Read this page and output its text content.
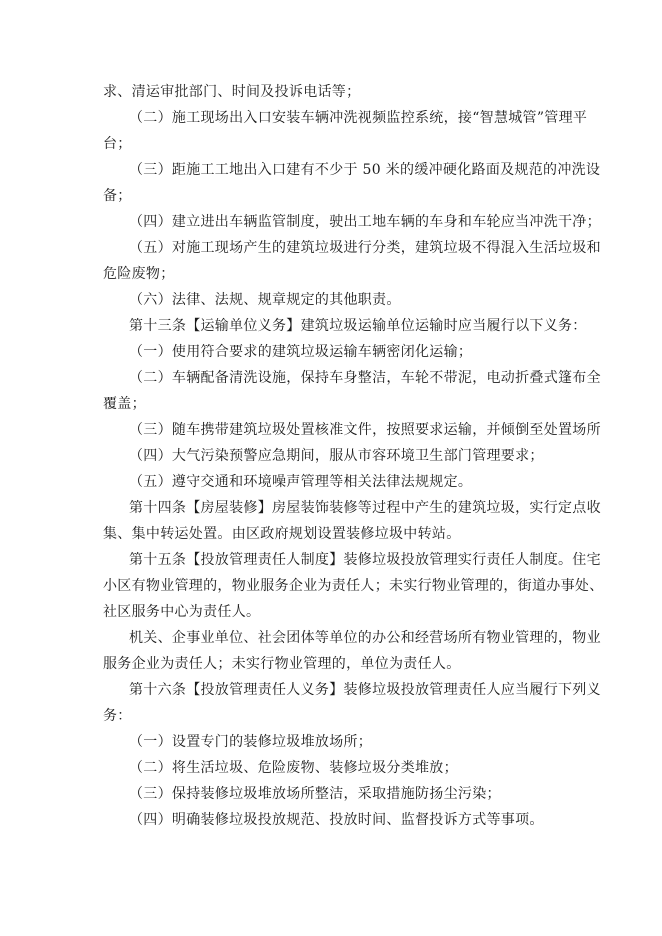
求、清运审批部门、时间及投诉电话等；
（二）施工现场出入口安装车辆冲洗视频监控系统，接“智慧城管”管理平
台；
（三）距施工工地出入口建有不少于 50 米的缓冲硬化路面及规范的冲洗设
备；
（四）建立进出车辆监管制度，驶出工地车辆的车身和车轮应当冲洗干净；
（五）对施工现场产生的建筑垃圾进行分类，建筑垃圾不得混入生活垃圾和
危险废物；
（六）法律、法规、规章规定的其他职责。
第十三条【运输单位义务】建筑垃圾运输单位运输时应当履行以下义务：
（一）使用符合要求的建筑垃圾运输车辆密闭化运输；
（二）车辆配备清洗设施，保持车身整洁，车轮不带泥，电动折叠式篷布全
覆盖；
（三）随车携带建筑垃圾处置核准文件，按照要求运输，并倾倒至处置场所
（四）大气污染预警应急期间，服从市容环境卫生部门管理要求；
（五）遵守交通和环境噪声管理等相关法律法规规定。
第十四条【房屋装修】房屋装饰装修等过程中产生的建筑垃圾，实行定点收
集、集中转运处置。由区政府规划设置装修垃圾中转站。
第十五条【投放管理责任人制度】装修垃圾投放管理实行责任人制度。住宅
小区有物业管理的，物业服务企业为责任人；未实行物业管理的，街道办事处、
社区服务中心为责任人。
机关、企事业单位、社会团体等单位的办公和经营场所有物业管理的，物业
服务企业为责任人；未实行物业管理的，单位为责任人。
第十六条【投放管理责任人义务】装修垃圾投放管理责任人应当履行下列义
务：
（一）设置专门的装修垃圾堆放场所；
（二）将生活垃圾、危险废物、装修垃圾分类堆放；
（三）保持装修垃圾堆放场所整洁，采取措施防扬尘污染；
（四）明确装修垃圾投放规范、投放时间、监督投诉方式等事项。
